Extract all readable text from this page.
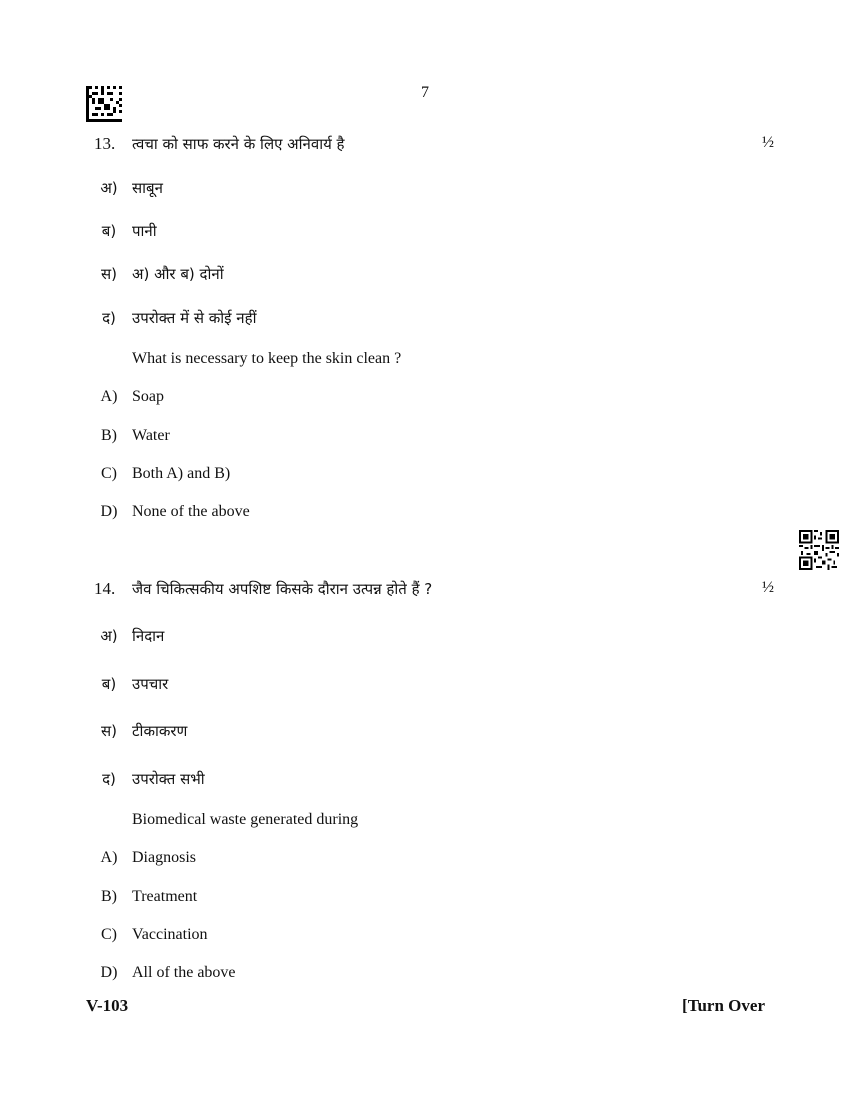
7
13. त्वचा को साफ करने के लिए अनिवार्य है	½
अ) साबून
ब)	पानी
स)	अ) और ब) दोनों
द)	उपरोक्त में से कोई नहीं
What is necessary to keep the skin clean ?
A) Soap
B) Water
C) Both A) and B)
D) None of the above
14. जैव चिकित्सकीय अपशिष्ट किसके दौरान उत्पन्न होते हैं ?	½
अ) निदान
ब)	उपचार
स)	टीकाकरण
द)	उपरोक्त सभी
Biomedical waste generated during
A) Diagnosis
B) Treatment
C) Vaccination
D) All of the above
V-103	[Turn Over
